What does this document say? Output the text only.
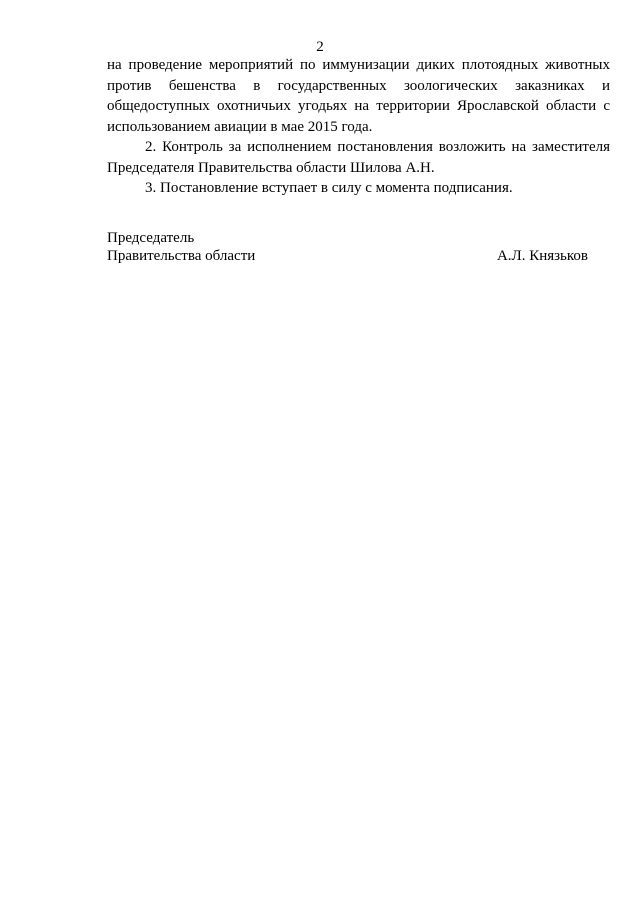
2

на проведение мероприятий по иммунизации диких плотоядных животных против бешенства в государственных зоологических заказниках и общедоступных охотничьих угодьях на территории Ярославской области с использованием авиации в мае 2015 года.

2. Контроль за исполнением постановления возложить на заместителя Председателя Правительства области Шилова А.Н.

3. Постановление вступает в силу с момента подписания.

Председатель
Правительства области	А.Л. Князьков
